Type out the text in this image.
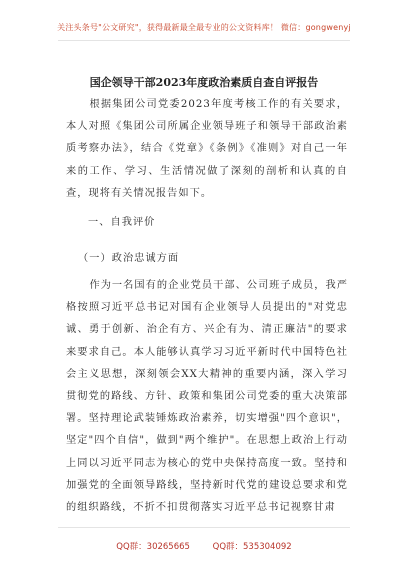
关注头条号"公文研究"，获得最新最全最专业的公文资料库！ 微信：gongwenyj
国企领导干部2023年度政治素质自查自评报告

根据集团公司党委2023年度考核工作的有关要求，本人对照《集团公司所属企业领导班子和领导干部政治素质考察办法》，结合《党章》《条例》《准则》对自己一年来的工作、学习、生活情况做了深刻的剖析和认真的自查，现将有关情况报告如下。

一、自我评价

（一）政治忠诚方面

作为一名国有的企业党员干部、公司班子成员，我严格按照习近平总书记对国有企业领导人员提出的"对党忠诚、勇于创新、治企有方、兴企有为、清正廉洁"的要求来要求自己。本人能够认真学习习近平新时代中国特色社会主义思想，深刻领会XX大精神的重要内涵，深入学习贯彻党的路线、方针、政策和集团公司党委的重大决策部署。坚持理论武装锤炼政治素养，切实增强"四个意识"，坚定"四个自信"，做到"两个维护"。在思想上政治上行动上同以习近平同志为核心的党中央保持高度一致。坚持和加强党的全面领导路线，坚持新时代党的建设总要求和党的组织路线，不折不扣贯彻落实习近平总书记视察甘肃

QQ群：30265665	QQ群：535304092
